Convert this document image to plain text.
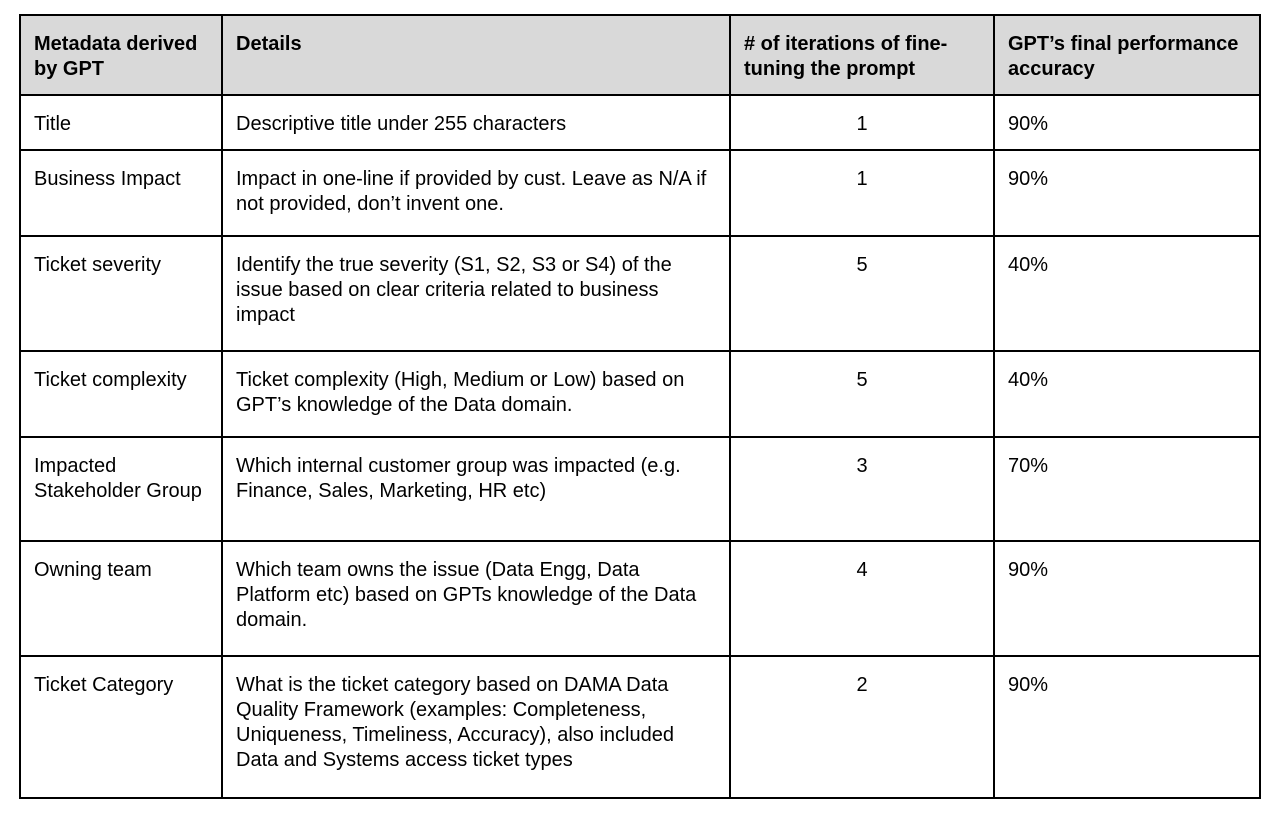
Metadata derived by GPT	Details	# of iterations of fine-tuning the prompt	GPT’s final performance accuracy
Title	Descriptive title under 255 characters	1	90%
Business Impact	Impact in one-line if provided by cust. Leave as N/A if not provided, don’t invent one.	1	90%
Ticket severity	Identify the true severity (S1, S2, S3 or S4) of the issue based on clear criteria related to business impact	5	40%
Ticket complexity	Ticket complexity (High, Medium or Low) based on GPT’s knowledge of the Data domain.	5	40%
Impacted Stakeholder Group	Which internal customer group was impacted (e.g. Finance, Sales, Marketing, HR etc)	3	70%
Owning team	Which team owns the issue (Data Engg, Data Platform etc) based on GPTs knowledge of the Data domain.	4	90%
Ticket Category	What is the ticket category based on DAMA Data Quality Framework (examples: Completeness, Uniqueness, Timeliness, Accuracy), also included Data and Systems access ticket types	2	90%
